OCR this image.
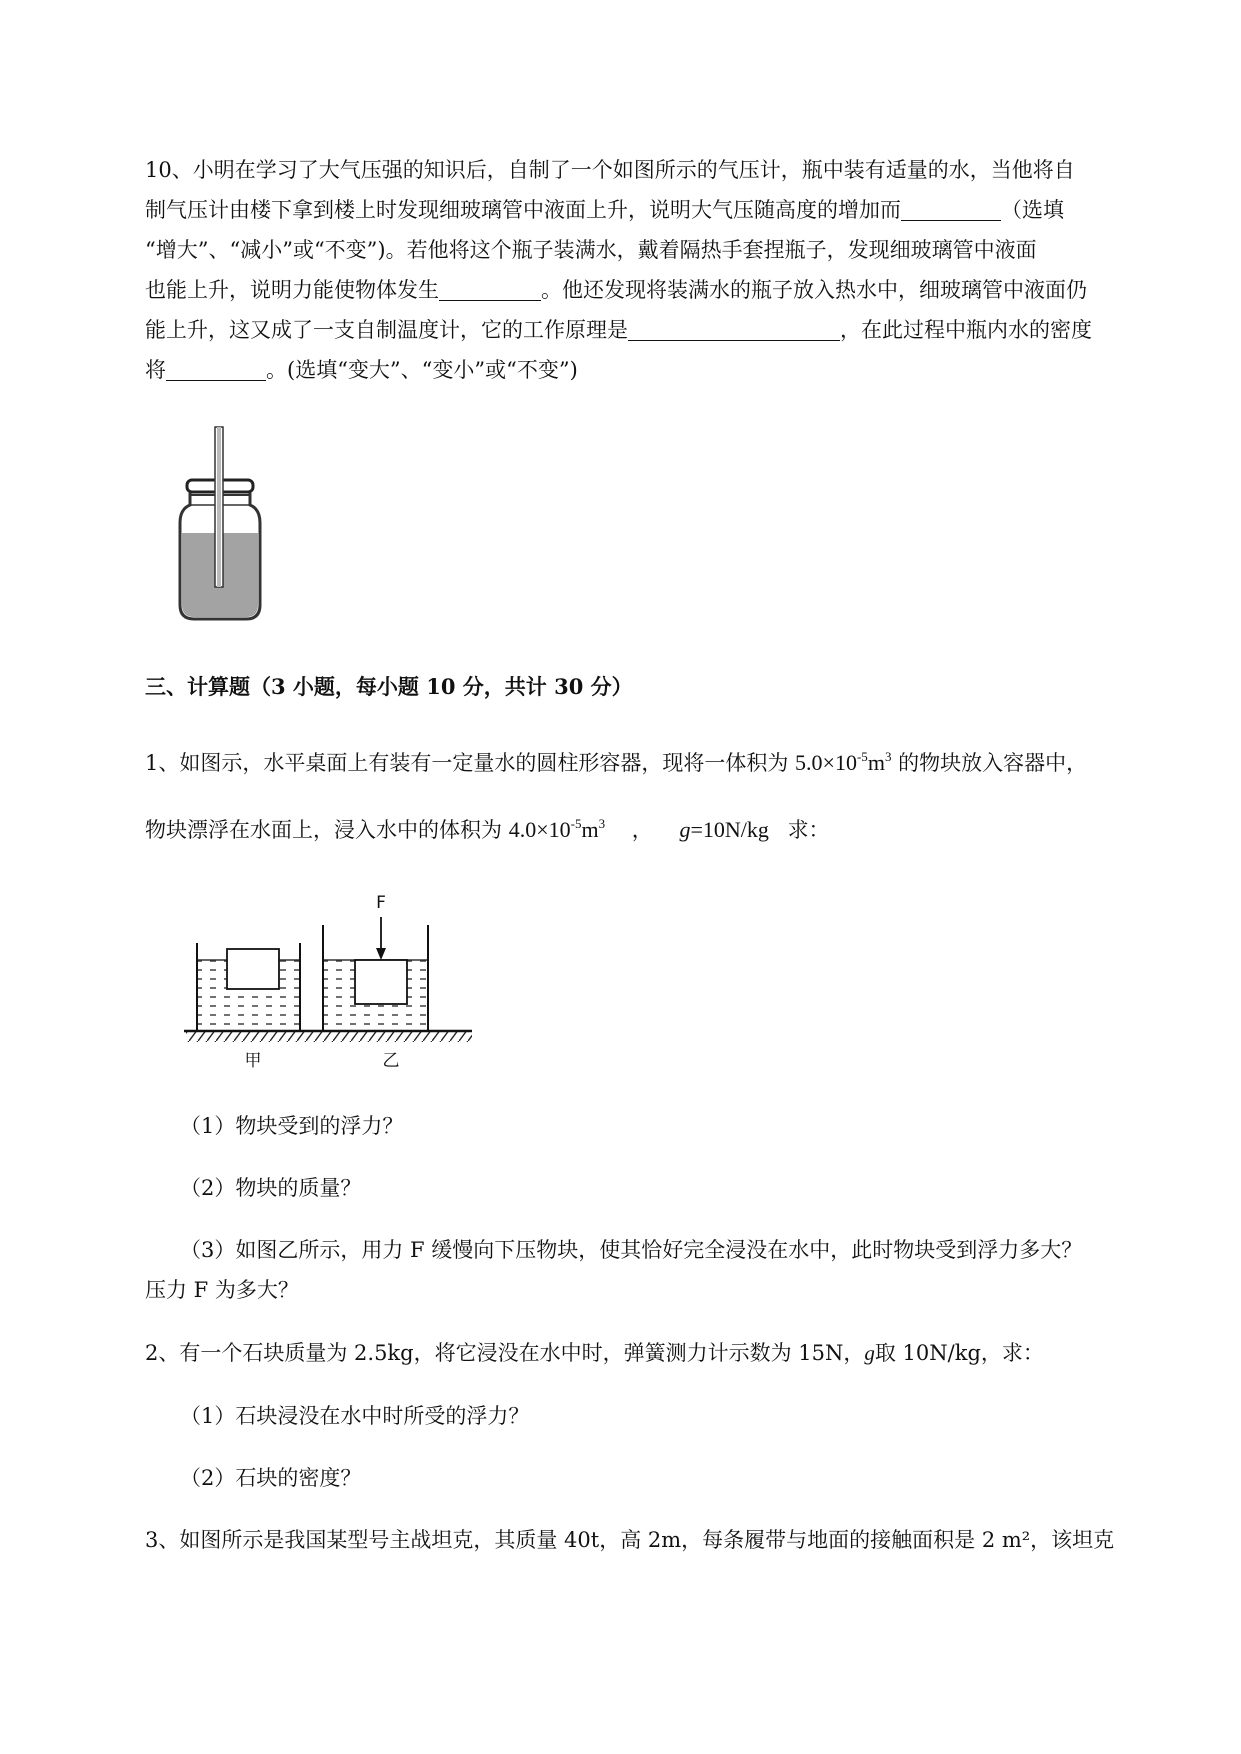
10、小明在学习了大气压强的知识后，自制了一个如图所示的气压计，瓶中装有适量的水，当他将自
制气压计由楼下拿到楼上时发现细玻璃管中液面上升，说明大气压随高度的增加而	（选填
“增大”、“减小”或“不变”)。若他将这个瓶子装满水，戴着隔热手套捏瓶子，发现细玻璃管中液面
也能上升，说明力能使物体发生	。他还发现将装满水的瓶子放入热水中，细玻璃管中液面仍
能上升，这又成了一支自制温度计，它的工作原理是	，在此过程中瓶内水的密度
将	。(选填“变大”、“变小”或“不变”)
三、计算题（3 小题，每小题 10 分，共计 30 分）
1、如图示，水平桌面上有装有一定量水的圆柱形容器，现将一体积为 $5.0\times 10^{-5}m^3$ 的物块放入容器中，
物块漂浮在水面上，浸入水中的体积为 $4.0\times 10^{-5}m^3$ ， g=10N/kg 求：
F
甲	乙
（1）物块受到的浮力？
（2）物块的质量？
（3）如图乙所示，用力 F 缓慢向下压物块，使其恰好完全浸没在水中，此时物块受到浮力多大？
压力 F 为多大？
2、有一个石块质量为 2.5kg，将它浸没在水中时，弹簧测力计示数为 15N，g取 10N/kg，求：
（1）石块浸没在水中时所受的浮力？
（2）石块的密度？
3、如图所示是我国某型号主战坦克，其质量 40t，高 2m，每条履带与地面的接触面积是 2 m²，该坦克
